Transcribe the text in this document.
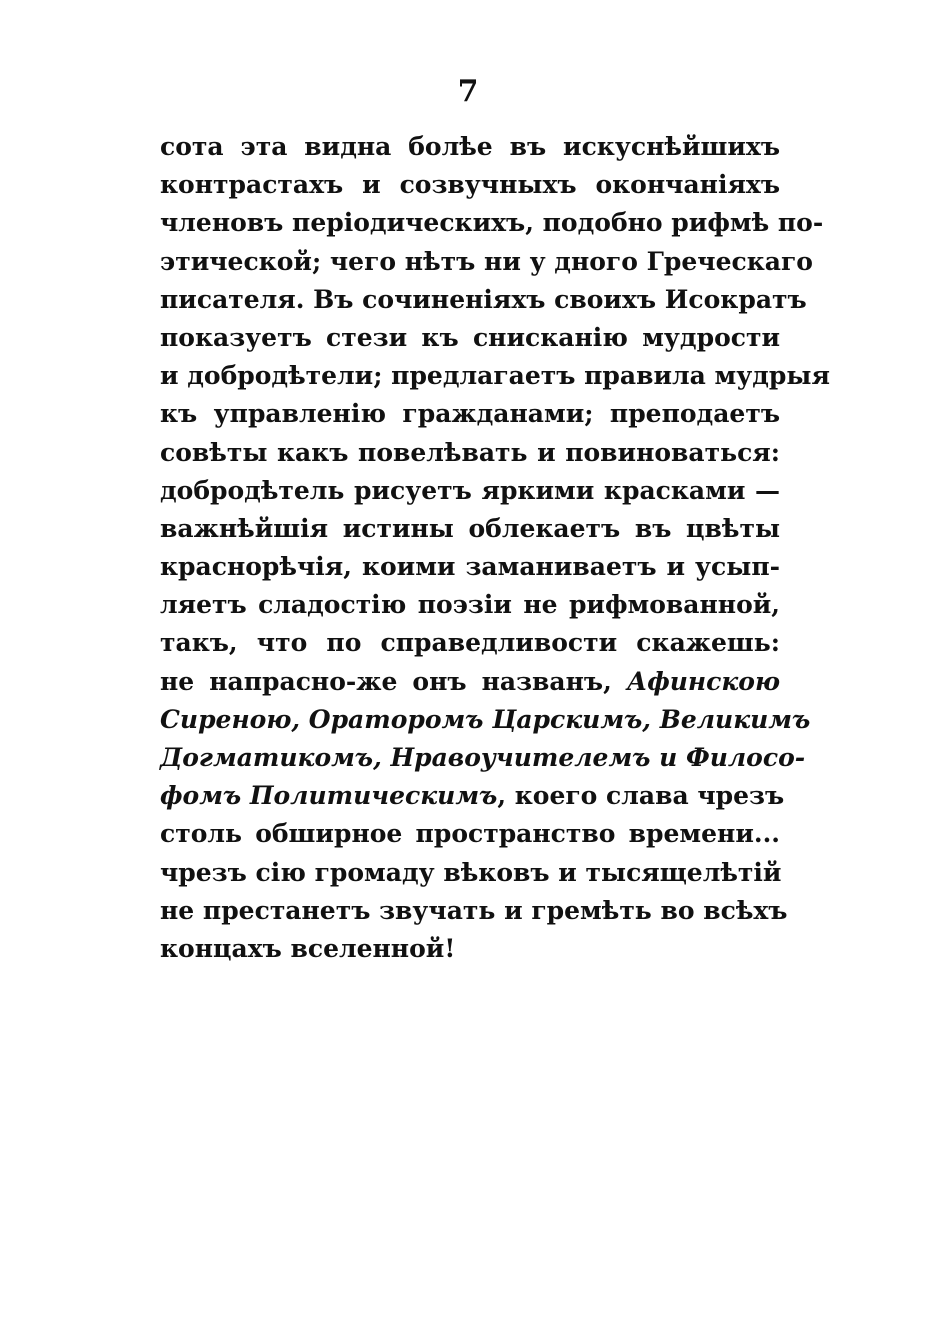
7
сота эта видна болѣе въ искуснѣйшихъ
контрастахъ и созвучныхъ окончаніяхъ
членовъ періодическихъ, подобно рифмѣ по-
этической; чего нѣтъ ни у дного Греческаго
писателя. Въ сочиненіяхъ своихъ Исократъ
показуетъ стези къ снисканію мудрости
и добродѣтели; предлагаетъ правила мудрыя
къ управленію гражданами; преподаетъ
совѣты какъ повелѣвать и повиноваться:
добродѣтель рисуетъ яркими красками —
важнѣйшія истины облекаетъ въ цвѣты
краснорѣчія, коими заманиваетъ и усып-
ляетъ сладостію поэзіи не рифмованной,
такъ, что по справедливости скажешь:
не напрасно-же онъ названъ, Афинскою
Сиреною, Ораторомъ Царскимъ, Великимъ
Догматикомъ, Нравоучителемъ и Филосо-
фомъ Политическимъ, коего слава чрезъ
столь обширное пространство времени...
чрезъ сію громаду вѣковъ и тысящелѣтій
не престанетъ звучать и гремѣть во всѣхъ
концахъ вселенной!
